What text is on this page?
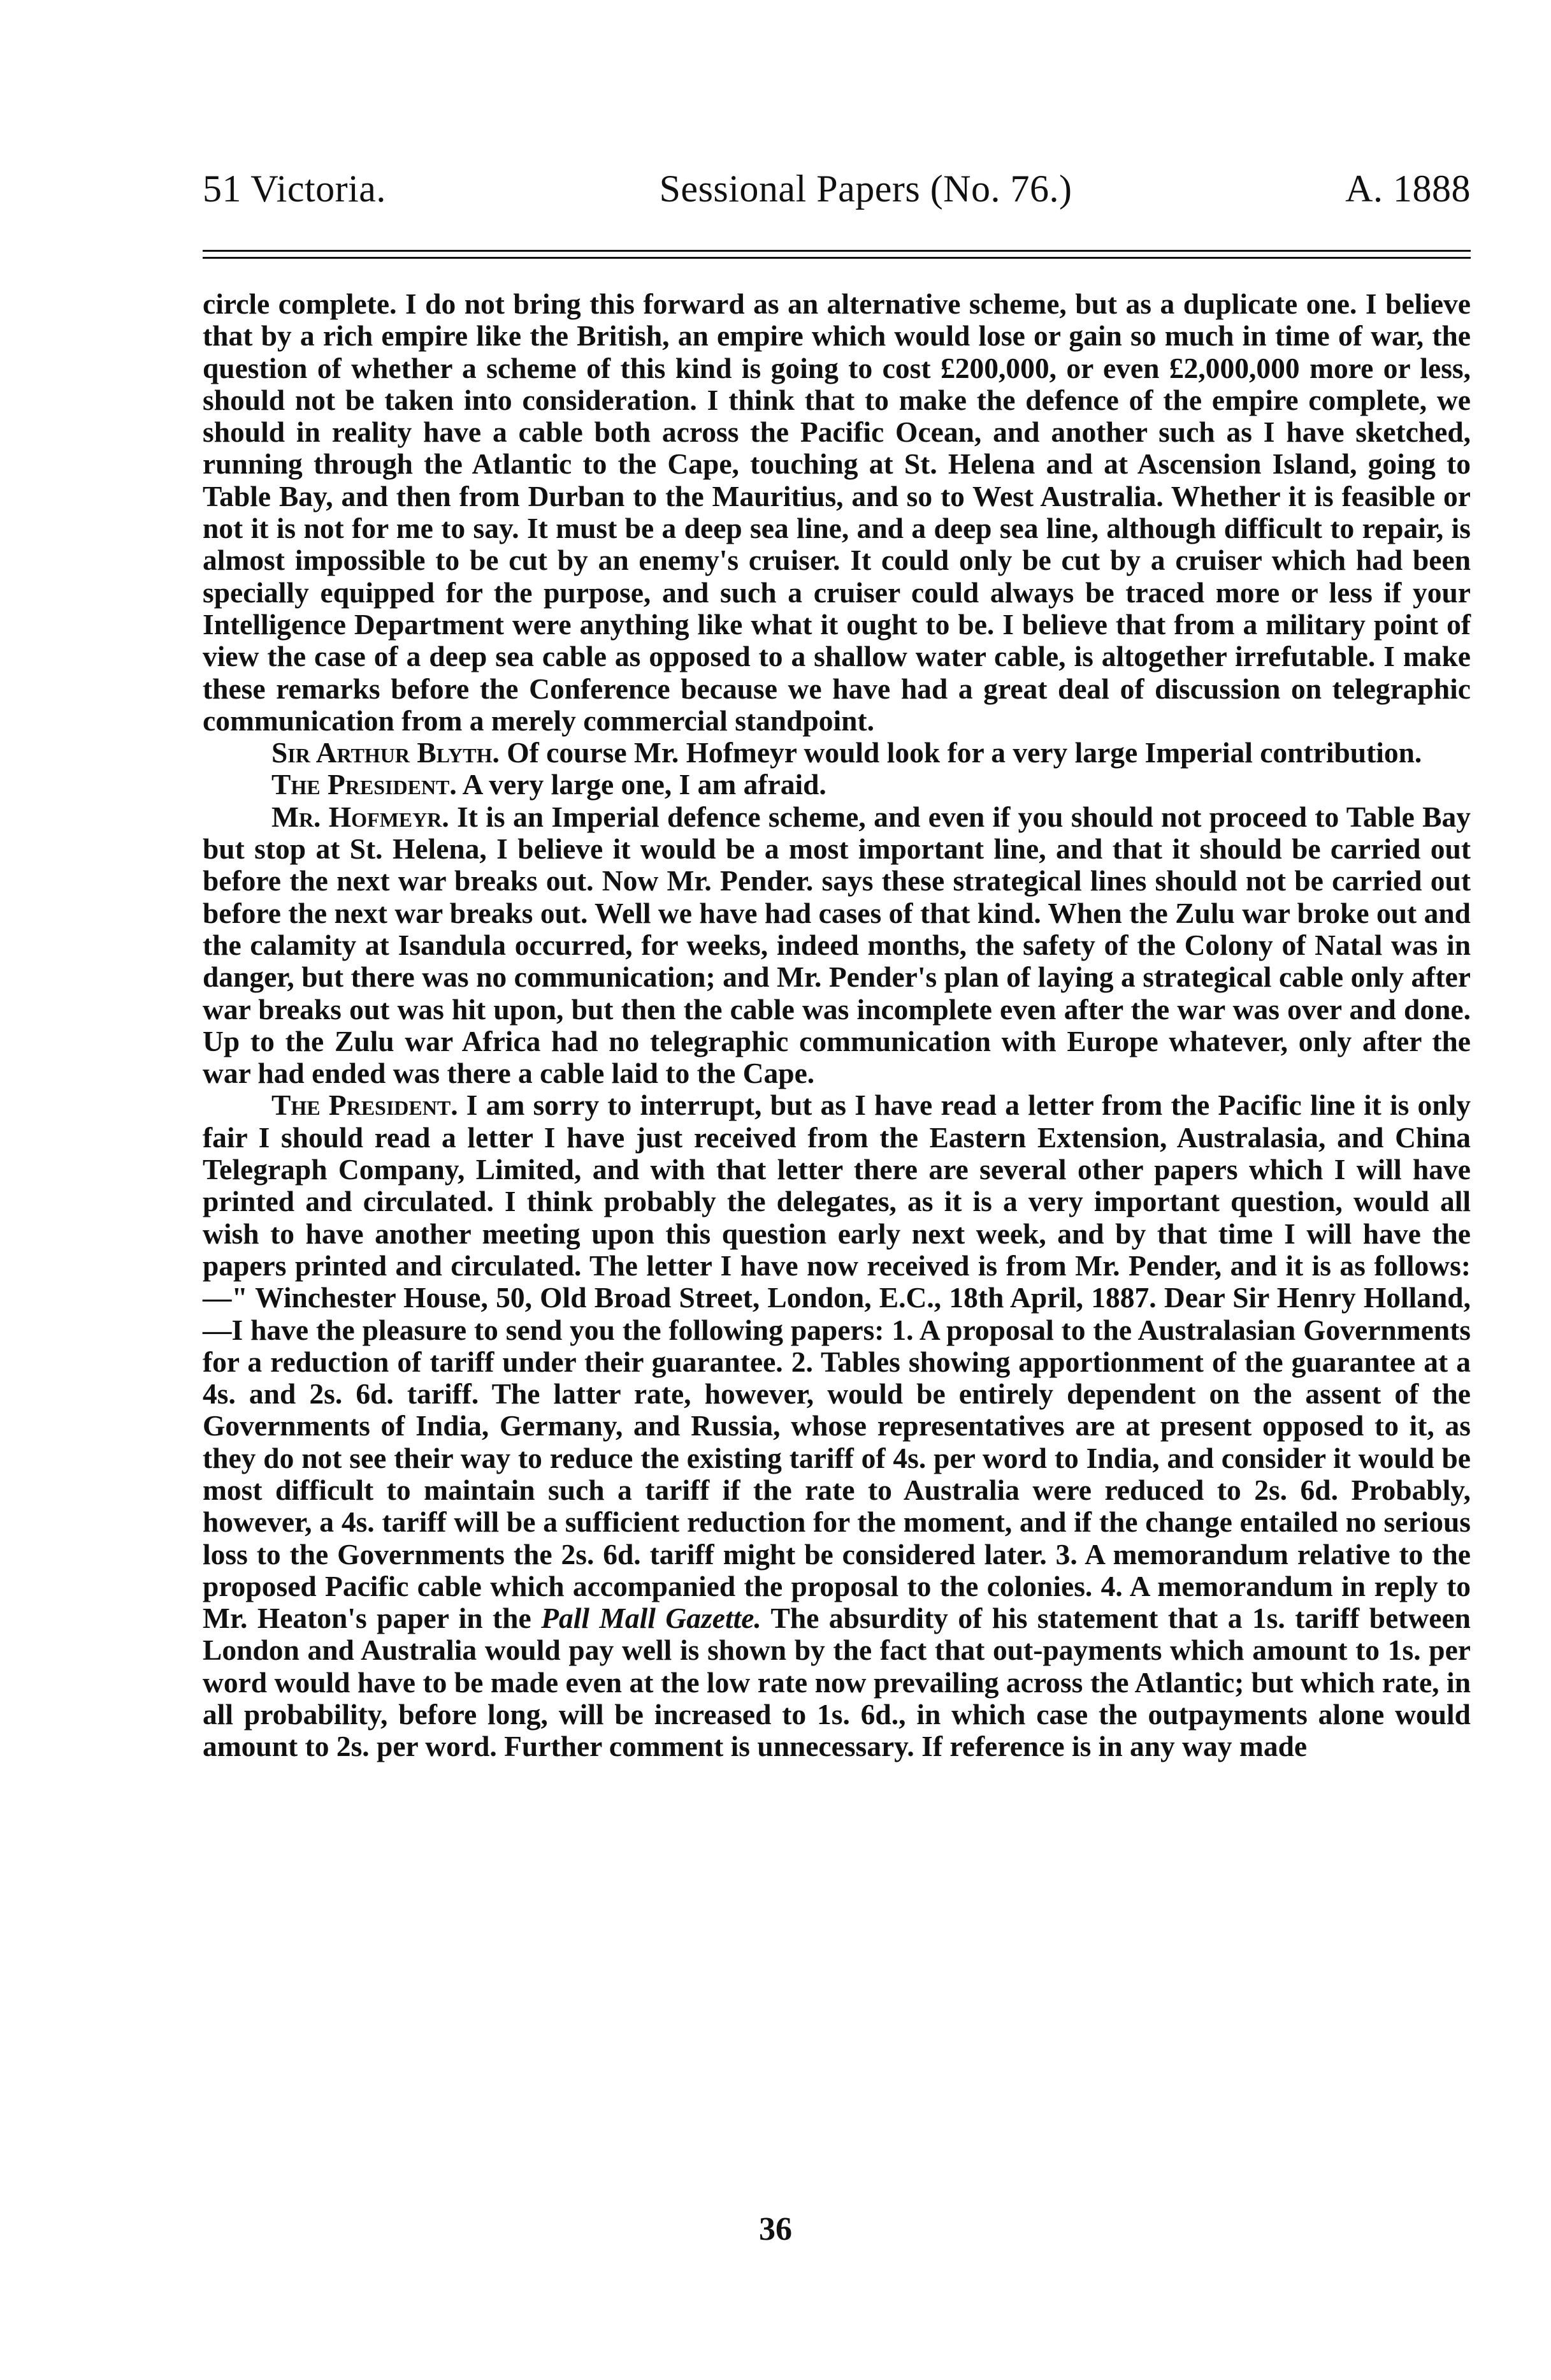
51 Victoria.	Sessional Papers (No. 76.)	A. 1888

circle complete. I do not bring this forward as an alternative scheme, but as a duplicate one. I believe that by a rich empire like the British, an empire which would lose or gain so much in time of war, the question of whether a scheme of this kind is going to cost £200,000, or even £2,000,000 more or less, should not be taken into consideration. I think that to make the defence of the empire complete, we should in reality have a cable both across the Pacific Ocean, and another such as I have sketched, running through the Atlantic to the Cape, touching at St. Helena and at Ascension Island, going to Table Bay, and then from Durban to the Mauritius, and so to West Australia. Whether it is feasible or not it is not for me to say. It must be a deep sea line, and a deep sea line, although difficult to repair, is almost impossible to be cut by an enemy's cruiser. It could only be cut by a cruiser which had been specially equipped for the purpose, and such a cruiser could always be traced more or less if your Intelligence Department were anything like what it ought to be. I believe that from a military point of view the case of a deep sea cable as opposed to a shallow water cable, is altogether irrefutable. I make these remarks before the Conference because we have had a great deal of discussion on telegraphic communication from a merely commercial standpoint.

Sir Arthur Blyth. Of course Mr. Hofmeyr would look for a very large Imperial contribution.

The President. A very large one, I am afraid.

Mr. Hofmeyr. It is an Imperial defence scheme, and even if you should not proceed to Table Bay but stop at St. Helena, I believe it would be a most important line, and that it should be carried out before the next war breaks out. Now Mr. Pender. says these strategical lines should not be carried out before the next war breaks out. Well we have had cases of that kind. When the Zulu war broke out and the calamity at Isandula occurred, for weeks, indeed months, the safety of the Colony of Natal was in danger, but there was no communication; and Mr. Pender's plan of laying a strategical cable only after war breaks out was hit upon, but then the cable was incomplete even after the war was over and done. Up to the Zulu war Africa had no telegraphic communication with Europe whatever, only after the war had ended was there a cable laid to the Cape.

The President. I am sorry to interrupt, but as I have read a letter from the Pacific line it is only fair I should read a letter I have just received from the Eastern Extension, Australasia, and China Telegraph Company, Limited, and with that letter there are several other papers which I will have printed and circulated. I think probably the delegates, as it is a very important question, would all wish to have another meeting upon this question early next week, and by that time I will have the papers printed and circulated. The letter I have now received is from Mr. Pender, and it is as follows:—" Winchester House, 50, Old Broad Street, London, E.C., 18th April, 1887. Dear Sir Henry Holland,—I have the pleasure to send you the following papers: 1. A proposal to the Australasian Governments for a reduction of tariff under their guarantee. 2. Tables showing apportionment of the guarantee at a 4s. and 2s. 6d. tariff. The latter rate, however, would be entirely dependent on the assent of the Governments of India, Germany, and Russia, whose representatives are at present opposed to it, as they do not see their way to reduce the existing tariff of 4s. per word to India, and consider it would be most difficult to maintain such a tariff if the rate to Australia were reduced to 2s. 6d. Probably, however, a 4s. tariff will be a sufficient reduction for the moment, and if the change entailed no serious loss to the Governments the 2s. 6d. tariff might be considered later. 3. A memorandum relative to the proposed Pacific cable which accompanied the proposal to the colonies. 4. A memorandum in reply to Mr. Heaton's paper in the Pall Mall Gazette. The absurdity of his statement that a 1s. tariff between London and Australia would pay well is shown by the fact that out-payments which amount to 1s. per word would have to be made even at the low rate now prevailing across the Atlantic; but which rate, in all probability, before long, will be increased to 1s. 6d., in which case the outpayments alone would amount to 2s. per word. Further comment is unnecessary. If reference is in any way made

36
